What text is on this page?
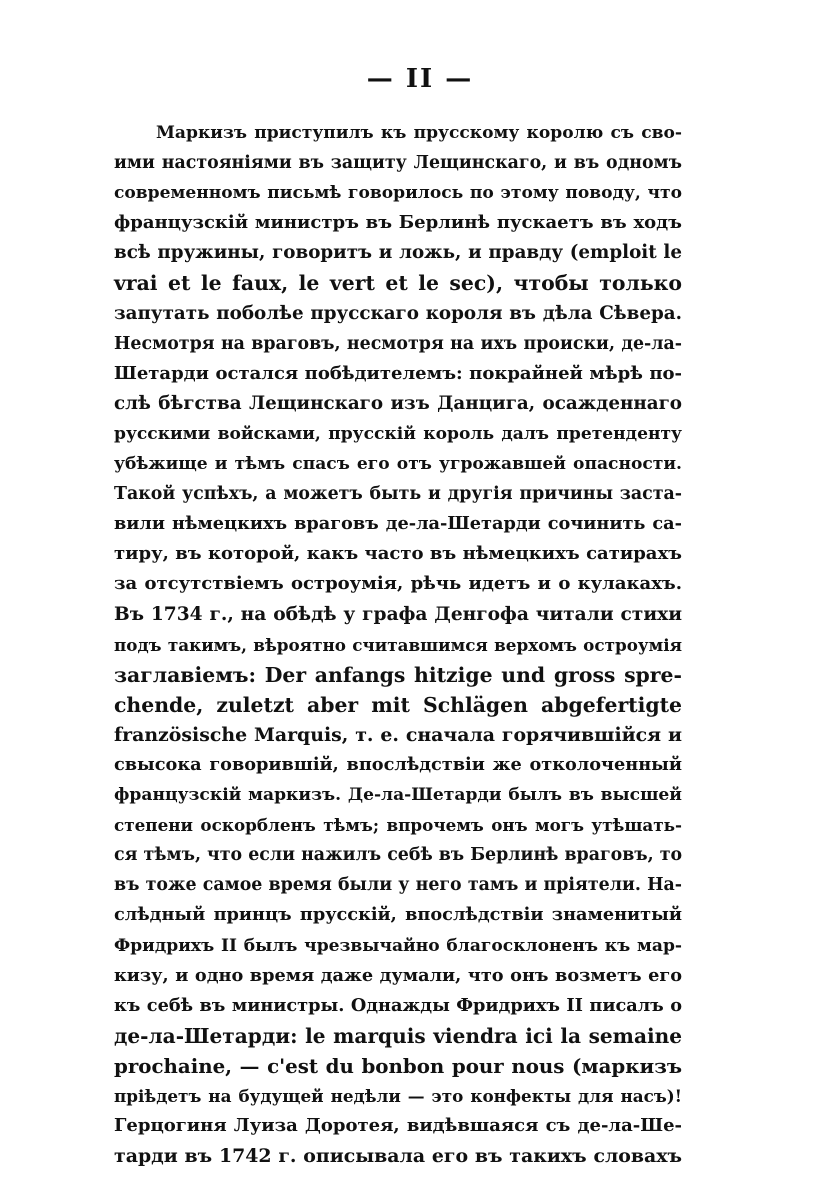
— II —
Маркизъ приступилъ къ прусскому королю съ сво-
ими настояніями въ защиту Лещинскаго, и въ одномъ
современномъ письмѣ говорилось по этому поводу, что
французскій министръ въ Берлинѣ пускаетъ въ ходъ
всѣ пружины, говоритъ и ложь, и правду (emploit le
vrai et le faux, le vert et le sec), чтобы только
запутать поболѣе прусскаго короля въ дѣла Сѣвера.
Несмотря на враговъ, несмотря на ихъ происки, де-ла-
Шетарди остался побѣдителемъ: покрайней мѣрѣ по-
слѣ бѣгства Лещинскаго изъ Данцига, осажденнаго
русскими войсками, прусскій король далъ претенденту
убѣжище и тѣмъ спасъ его отъ угрожавшей опасности.
Такой успѣхъ, а можетъ быть и другія причины заста-
вили нѣмецкихъ враговъ де-ла-Шетарди сочинить са-
тиру, въ которой, какъ часто въ нѣмецкихъ сатирахъ
за отсутствіемъ остроумія, рѣчь идетъ и о кулакахъ.
Въ 1734 г., на обѣдѣ у графа Денгофа читали стихи
подъ такимъ, вѣроятно считавшимся верхомъ остроумія
заглавіемъ: Der anfangs hitzige und gross spre-
chende, zuletzt aber mit Schlägen abgefertigte
französische Marquis, т. е. сначала горячившійся и
свысока говорившій, впослѣдствіи же отколоченный
французскій маркизъ. Де-ла-Шетарди былъ въ высшей
степени оскорбленъ тѣмъ; впрочемъ онъ могъ утѣшать-
ся тѣмъ, что если нажилъ себѣ въ Берлинѣ враговъ, то
въ тоже самое время были у него тамъ и пріятели. На-
слѣдный принцъ прусскій, впослѣдствіи знаменитый
Фридрихъ II былъ чрезвычайно благосклоненъ къ мар-
кизу, и одно время даже думали, что онъ возметъ его
къ себѣ въ министры. Однажды Фридрихъ II писалъ о
де-ла-Шетарди: le marquis viendra ici la semaine
prochaine, — c'est du bonbon pour nous (маркизъ
пріѣдетъ на будущей недѣли — это конфекты для насъ)!
Герцогиня Луиза Доротея, видѣвшаяся съ де-ла-Ше-
тарди въ 1742 г. описывала его въ такихъ словахъ
